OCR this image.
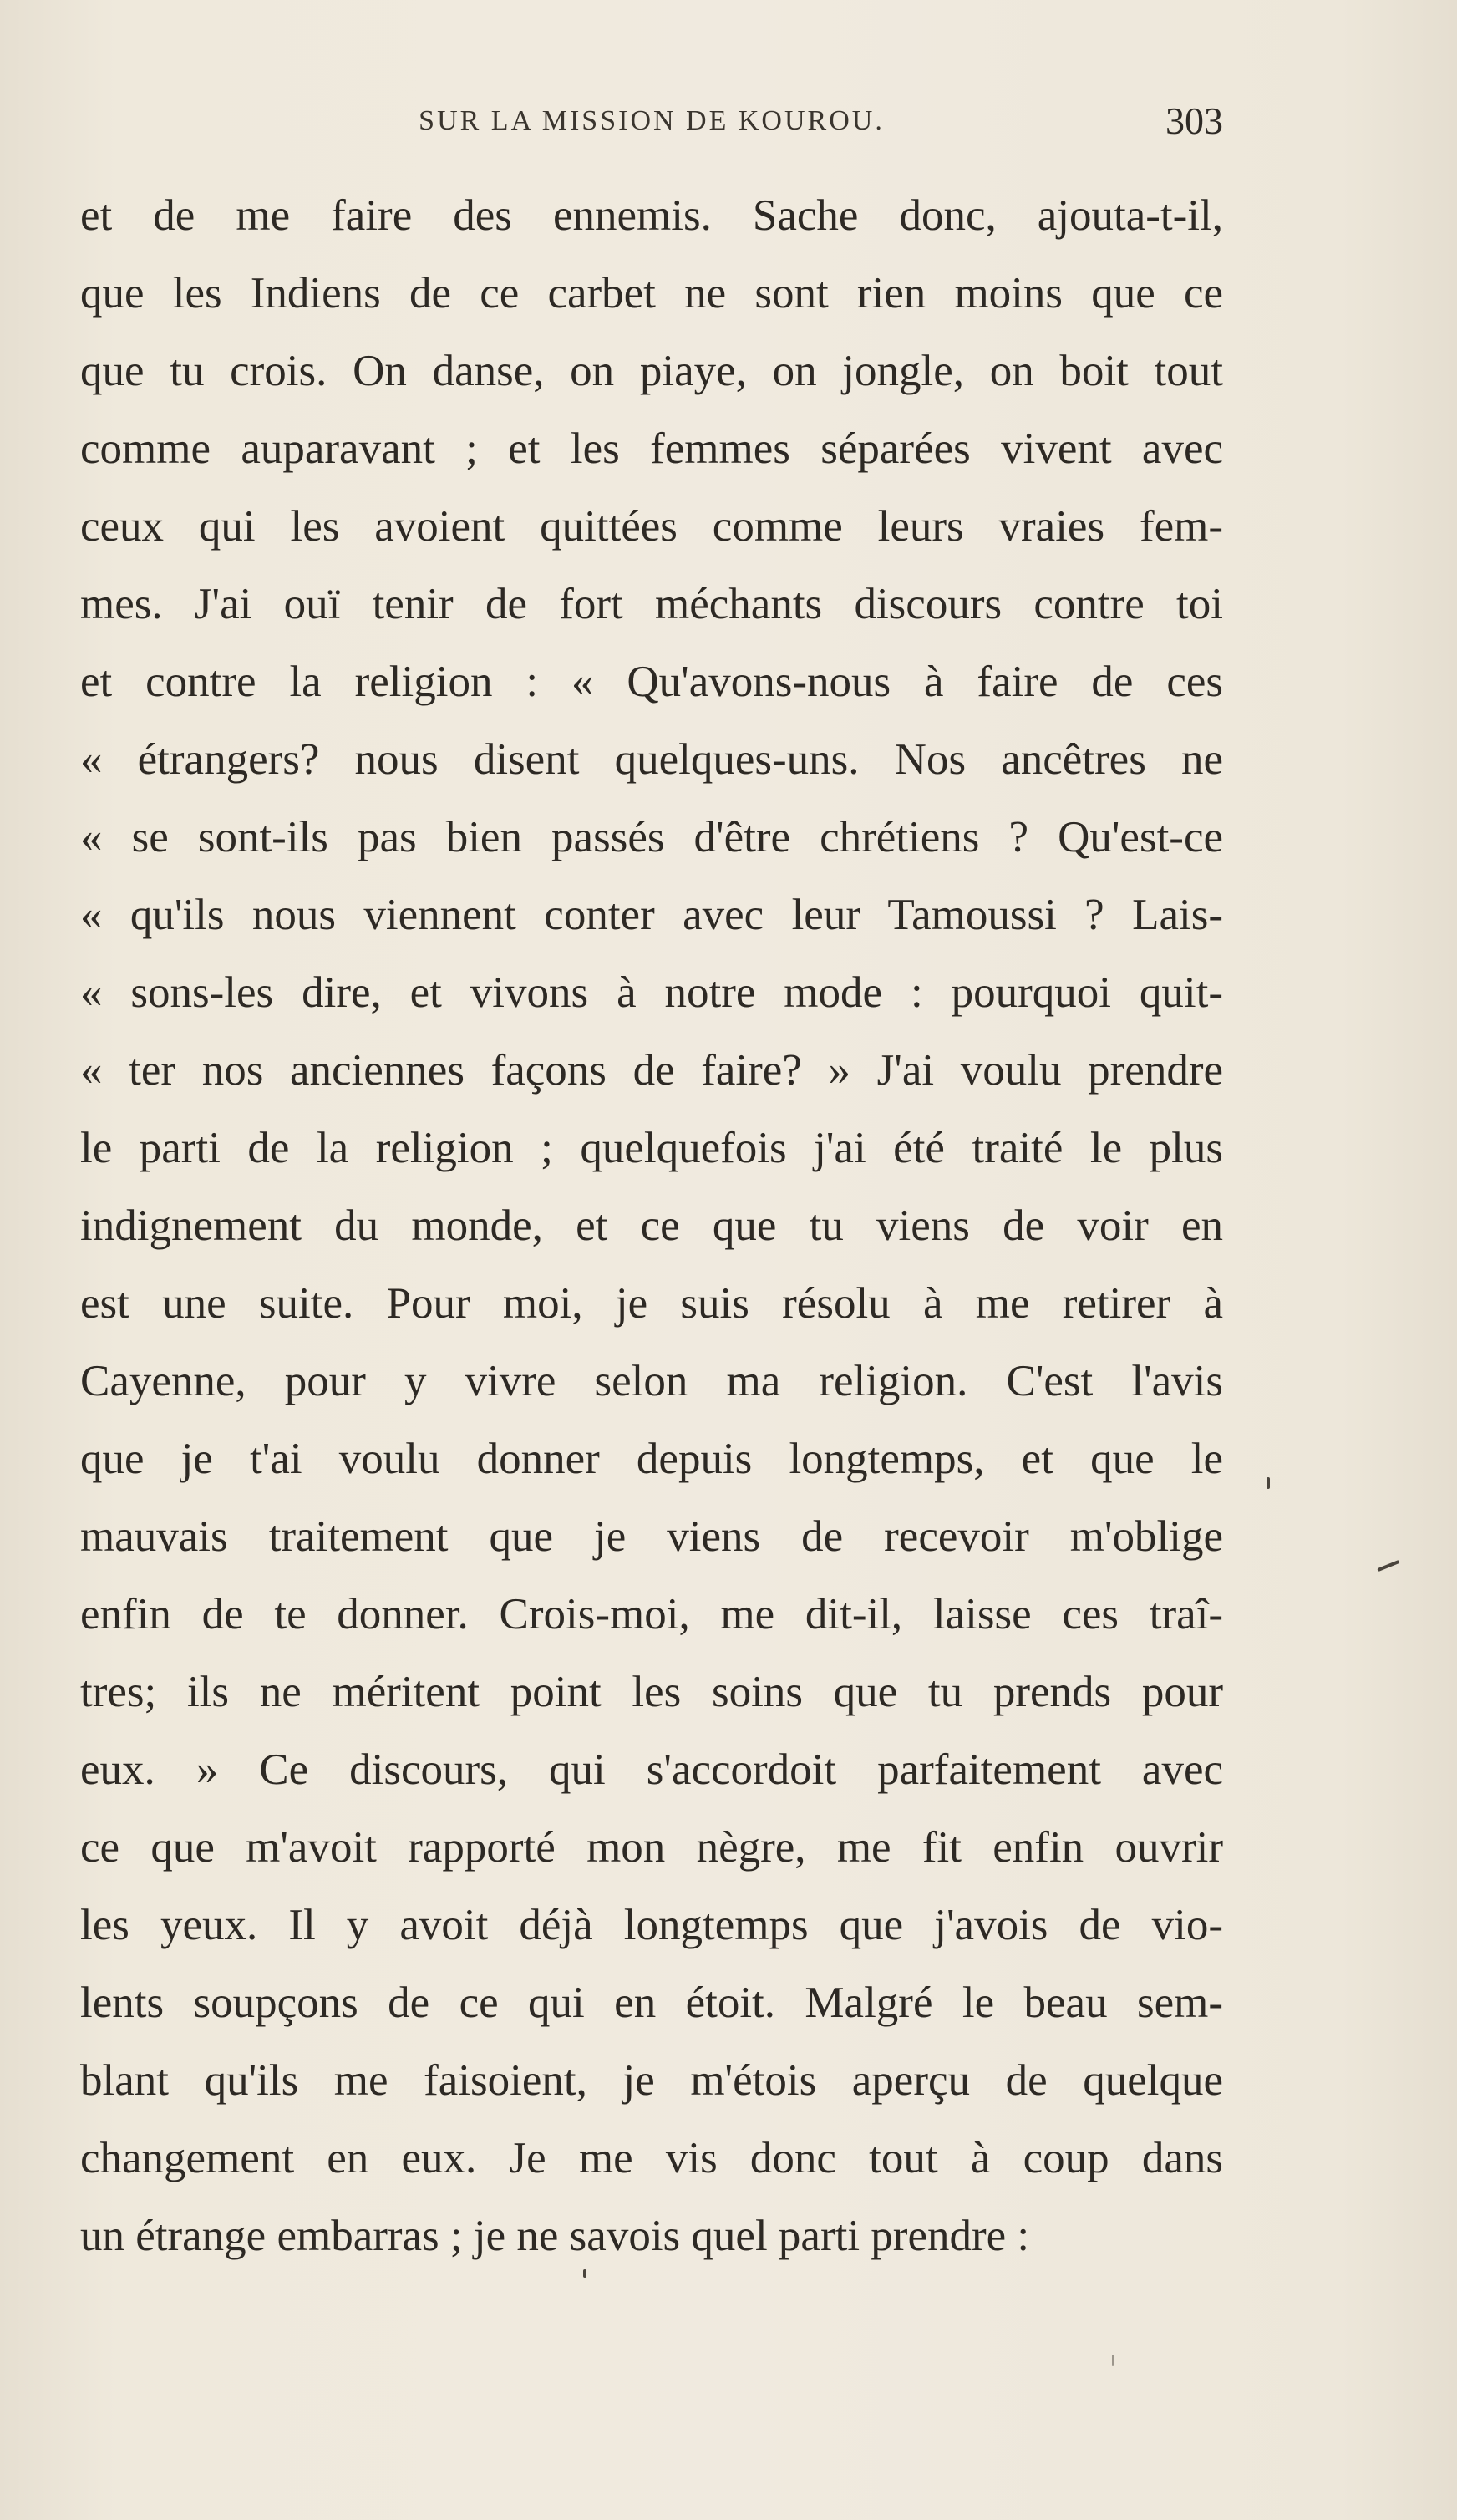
SUR LA MISSION DE KOUROU.	303
et de me faire des ennemis. Sache donc, ajouta-t-il,
que les Indiens de ce carbet ne sont rien moins que ce
que tu crois. On danse, on piaye, on jongle, on boit tout
comme auparavant ; et les femmes séparées vivent avec
ceux qui les avoient quittées comme leurs vraies fem-
mes. J'ai ouï tenir de fort méchants discours contre toi
et contre la religion : « Qu'avons-nous à faire de ces
« étrangers? nous disent quelques-uns. Nos ancêtres ne
« se sont-ils pas bien passés d'être chrétiens ? Qu'est-ce
« qu'ils nous viennent conter avec leur Tamoussi ? Lais-
« sons-les dire, et vivons à notre mode : pourquoi quit-
« ter nos anciennes façons de faire? » J'ai voulu prendre
le parti de la religion ; quelquefois j'ai été traité le plus
indignement du monde, et ce que tu viens de voir en
est une suite. Pour moi, je suis résolu à me retirer à
Cayenne, pour y vivre selon ma religion. C'est l'avis
que je t'ai voulu donner depuis longtemps, et que le
mauvais traitement que je viens de recevoir m'oblige
enfin de te donner. Crois-moi, me dit-il, laisse ces traî-
tres; ils ne méritent point les soins que tu prends pour
eux. » Ce discours, qui s'accordoit parfaitement avec
ce que m'avoit rapporté mon nègre, me fit enfin ouvrir
les yeux. Il y avoit déjà longtemps que j'avois de vio-
lents soupçons de ce qui en étoit. Malgré le beau sem-
blant qu'ils me faisoient, je m'étois aperçu de quelque
changement en eux. Je me vis donc tout à coup dans
un étrange embarras ; je ne savois quel parti prendre :
